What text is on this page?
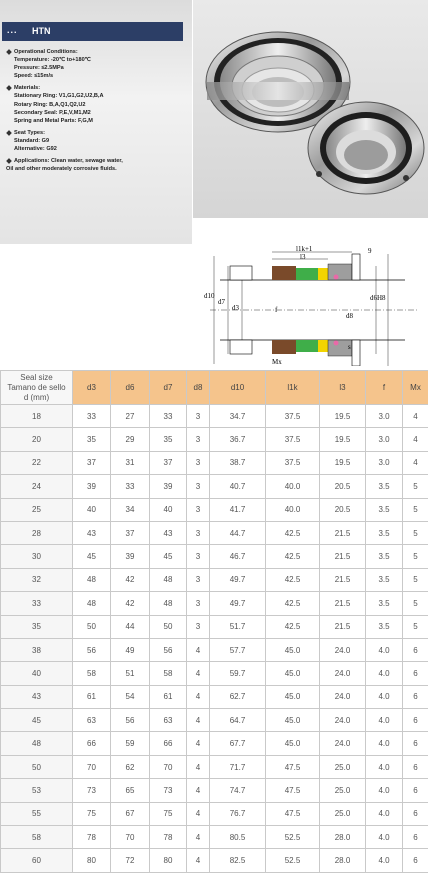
... HTN
Operational Conditions:
Temperature: -20℃ to+180℃
Pressure: ≤2.5MPa
Speed: ≤15m/s
Materials:
Stationary Ring: V1,G1,G2,U2,B,A
Rotary Ring: B,A,Q1,Q2,U2
Secondary Seal: P,E,V,M1,M2
Spring and Metal Parts: F,G,M
Seat Types:
Standard: G9
Alternative: G92
Applications: Clean water, sewage water,
Oil and other moderately corrosive fluids.
l1k+1	9
l3
d10
d7
d3	f
d8
d6H8
s
Mx
Seal size
Tamano de sello
d (mm)	d3	d6	d7	d8	d10	l1k	l3	f	Mx
18	33	27	33	3	34.7	37.5	19.5	3.0	4
20	35	29	35	3	36.7	37.5	19.5	3.0	4
22	37	31	37	3	38.7	37.5	19.5	3.0	4
24	39	33	39	3	40.7	40.0	20.5	3.5	5
25	40	34	40	3	41.7	40.0	20.5	3.5	5
28	43	37	43	3	44.7	42.5	21.5	3.5	5
30	45	39	45	3	46.7	42.5	21.5	3.5	5
32	48	42	48	3	49.7	42.5	21.5	3.5	5
33	48	42	48	3	49.7	42.5	21.5	3.5	5
35	50	44	50	3	51.7	42.5	21.5	3.5	5
38	56	49	56	4	57.7	45.0	24.0	4.0	6
40	58	51	58	4	59.7	45.0	24.0	4.0	6
43	61	54	61	4	62.7	45.0	24.0	4.0	6
45	63	56	63	4	64.7	45.0	24.0	4.0	6
48	66	59	66	4	67.7	45.0	24.0	4.0	6
50	70	62	70	4	71.7	47.5	25.0	4.0	6
53	73	65	73	4	74.7	47.5	25.0	4.0	6
55	75	67	75	4	76.7	47.5	25.0	4.0	6
58	78	70	78	4	80.5	52.5	28.0	4.0	6
60	80	72	80	4	82.5	52.5	28.0	4.0	6
